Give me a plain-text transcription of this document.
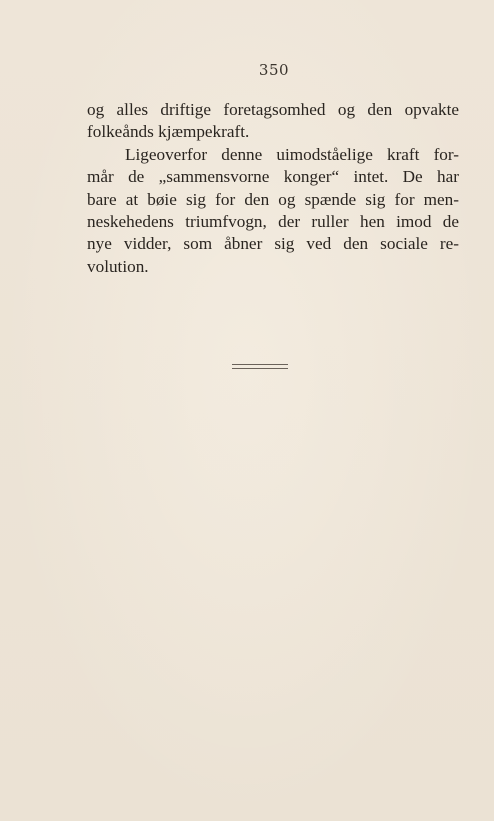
350
og alles driftige foretagsomhed og den opvakte
folkeånds kjæmpekraft.
Ligeoverfor denne uimodståelige kraft for-
mår de „sammensvorne konger“ intet. De har
bare at bøie sig for den og spænde sig for men-
neskehedens triumfvogn, der ruller hen imod de
nye vidder, som åbner sig ved den sociale re-
volution.
